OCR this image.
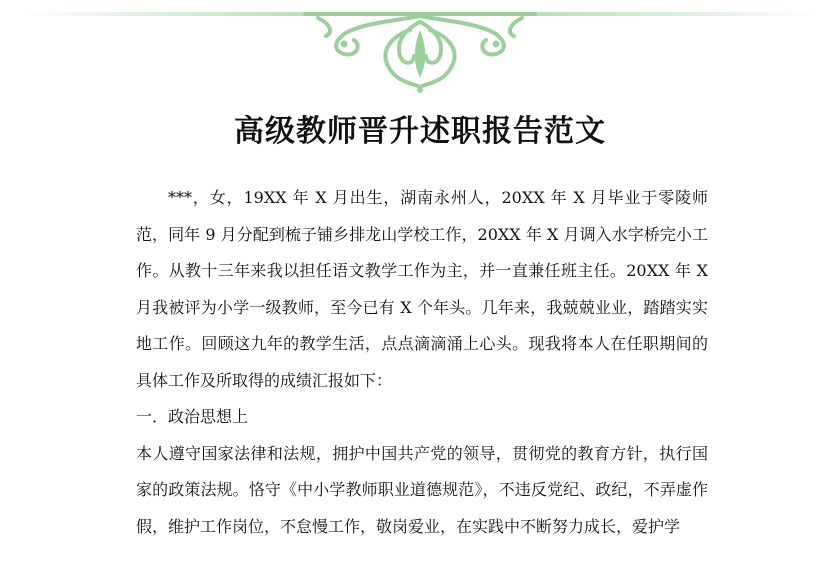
高级教师晋升述职报告范文

***，女，19XX 年 X 月出生，湖南永州人，20XX 年 X 月毕业于零陵师范，同年 9 月分配到梳子铺乡排龙山学校工作，20XX 年 X 月调入水字桥完小工作。从教十三年来我以担任语文教学工作为主，并一直兼任班主任。20XX 年 X 月我被评为小学一级教师，至今已有 X 个年头。几年来，我兢兢业业，踏踏实实地工作。回顾这九年的教学生活，点点滴滴涌上心头。现我将本人在任职期间的具体工作及所取得的成绩汇报如下：

一．政治思想上

本人遵守国家法律和法规，拥护中国共产党的领导，贯彻党的教育方针，执行国家的政策法规。恪守《中小学教师职业道德规范》，不违反党纪、政纪，不弄虚作假，维护工作岗位，不怠慢工作，敬岗爱业，在实践中不断努力成长，爱护学
